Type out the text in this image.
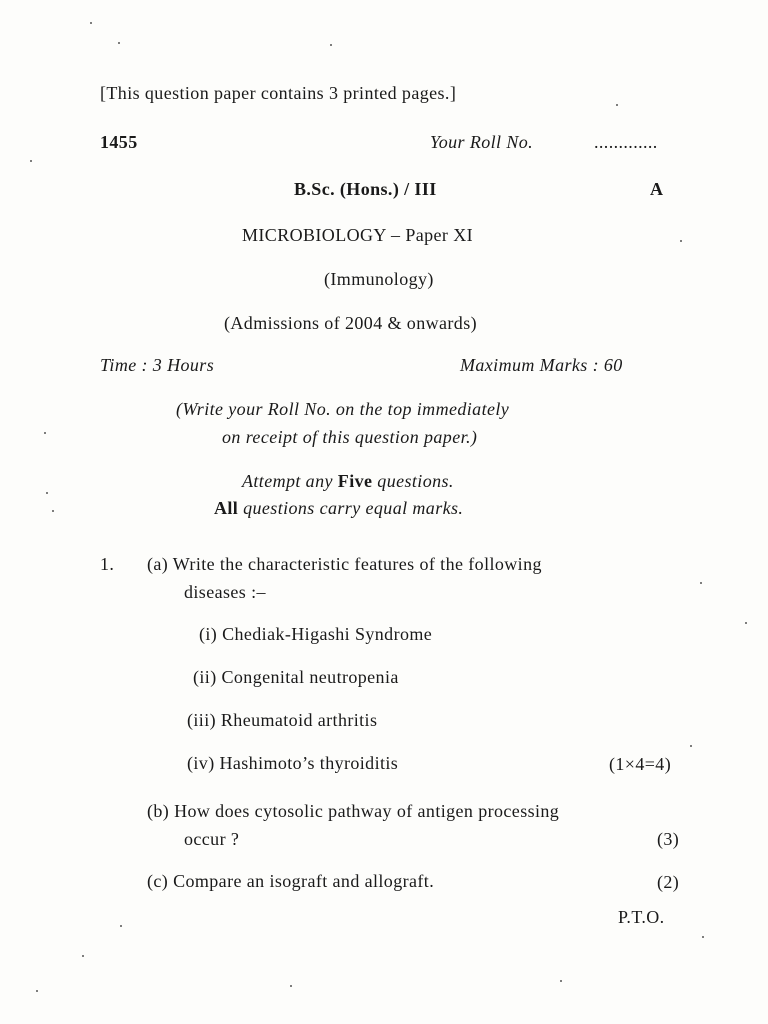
[This question paper contains 3 printed pages.]
1455	Your Roll No.	.............
B.Sc. (Hons.) / III	A
MICROBIOLOGY – Paper XI
(Immunology)
(Admissions of 2004 & onwards)
Time : 3 Hours	Maximum Marks : 60
(Write your Roll No. on the top immediately
on receipt of this question paper.)
Attempt any Five questions.
All questions carry equal marks.
1. (a) Write the characteristic features of the following
diseases :–
(i) Chediak-Higashi Syndrome
(ii) Congenital neutropenia
(iii) Rheumatoid arthritis
(iv) Hashimoto’s thyroiditis	(1×4=4)
(b) How does cytosolic pathway of antigen processing
occur ?	(3)
(c) Compare an isograft and allograft.	(2)
P.T.O.
